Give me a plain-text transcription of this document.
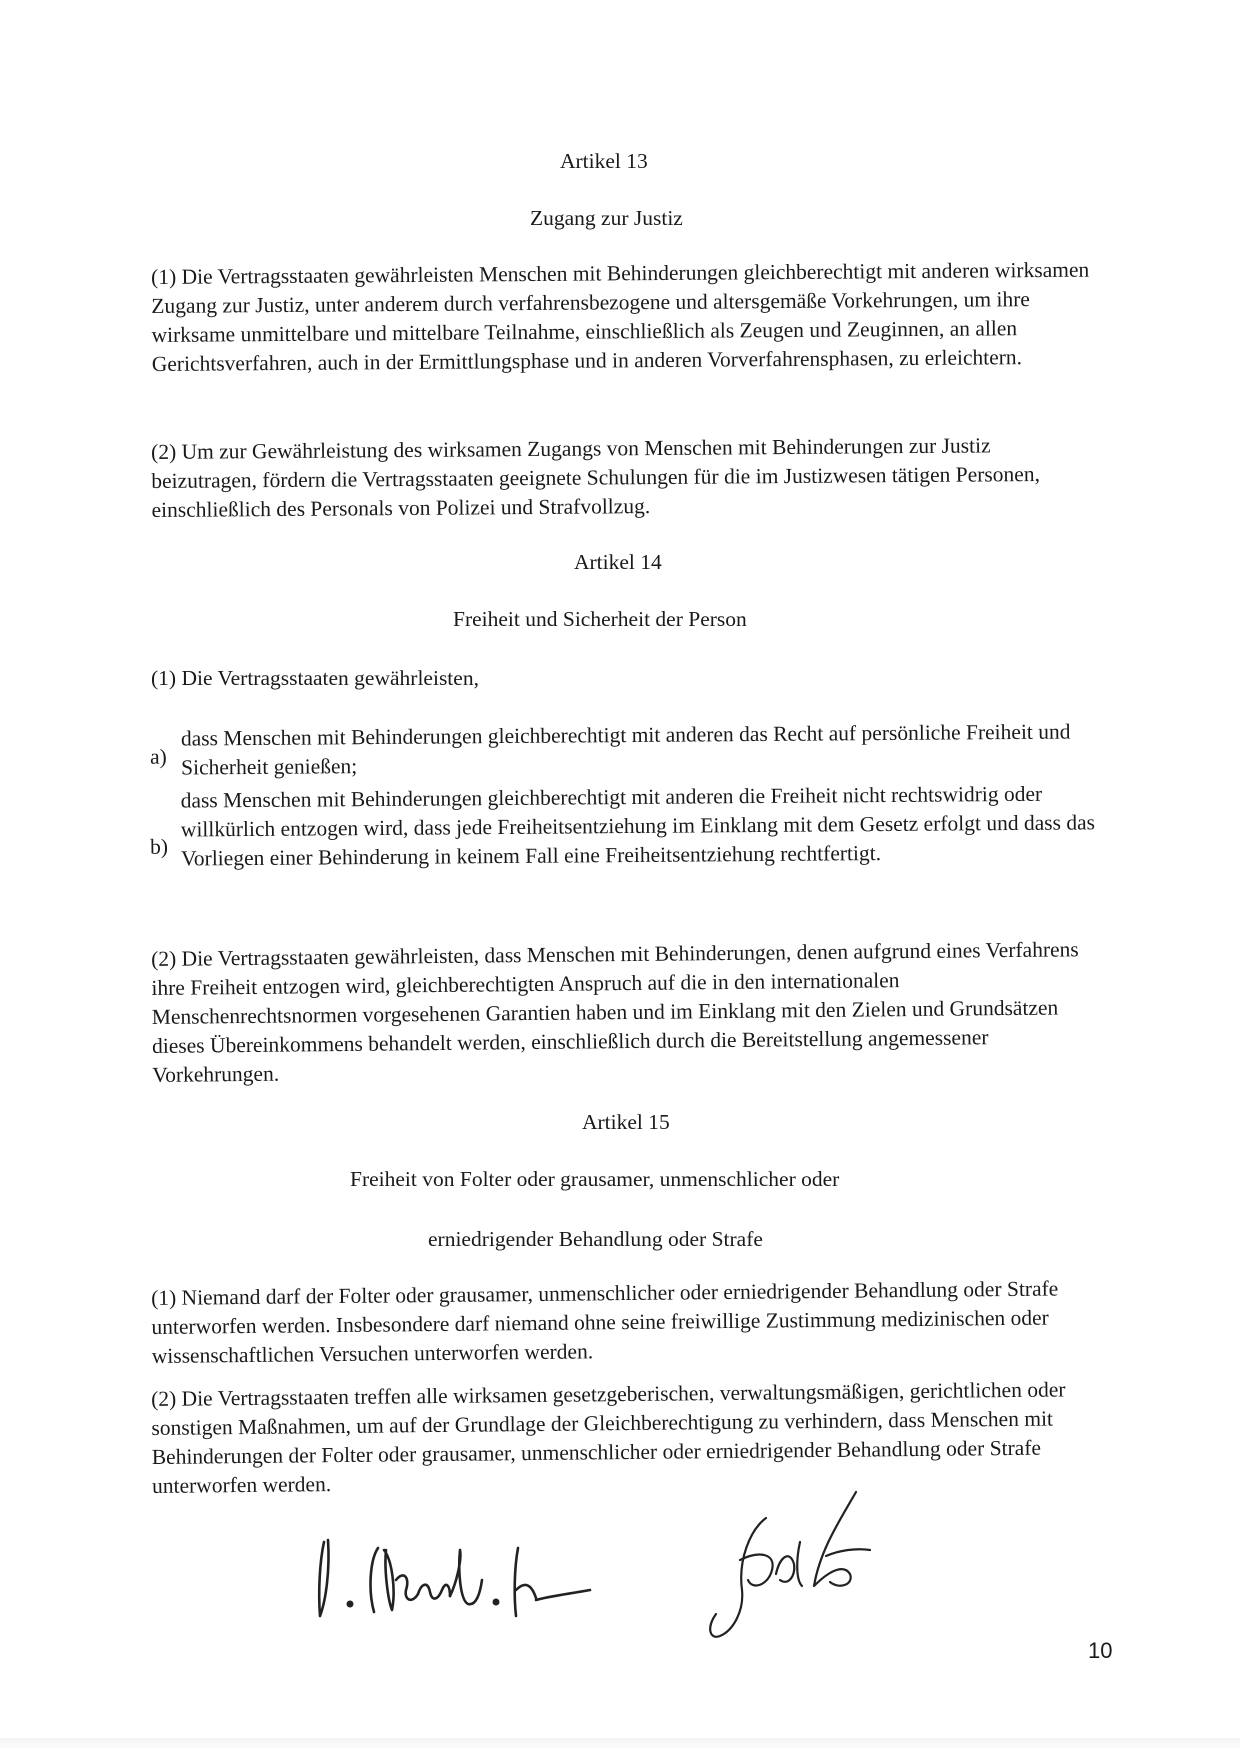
Artikel 13

Zugang zur Justiz

(1) Die Vertragsstaaten gewährleisten Menschen mit Behinderungen gleichberechtigt mit anderen wirksamen Zugang zur Justiz, unter anderem durch verfahrensbezogene und altersgemäße Vorkehrungen, um ihre wirksame unmittelbare und mittelbare Teilnahme, einschließlich als Zeugen und Zeuginnen, an allen Gerichtsverfahren, auch in der Ermittlungsphase und in anderen Vorverfahrensphasen, zu erleichtern.

(2) Um zur Gewährleistung des wirksamen Zugangs von Menschen mit Behinderungen zur Justiz beizutragen, fördern die Vertragsstaaten geeignete Schulungen für die im Justizwesen tätigen Personen, einschließlich des Personals von Polizei und Strafvollzug.

Artikel 14

Freiheit und Sicherheit der Person

(1) Die Vertragsstaaten gewährleisten,

a)

dass Menschen mit Behinderungen gleichberechtigt mit anderen das Recht auf persönliche Freiheit und Sicherheit genießen;

b)

dass Menschen mit Behinderungen gleichberechtigt mit anderen die Freiheit nicht rechtswidrig oder willkürlich entzogen wird, dass jede Freiheitsentziehung im Einklang mit dem Gesetz erfolgt und dass das Vorliegen einer Behinderung in keinem Fall eine Freiheitsentziehung rechtfertigt.

(2) Die Vertragsstaaten gewährleisten, dass Menschen mit Behinderungen, denen aufgrund eines Verfahrens ihre Freiheit entzogen wird, gleichberechtigten Anspruch auf die in den internationalen Menschenrechtsnormen vorgesehenen Garantien haben und im Einklang mit den Zielen und Grundsätzen dieses Übereinkommens behandelt werden, einschließlich durch die Bereitstellung angemessener Vorkehrungen.

Artikel 15

Freiheit von Folter oder grausamer, unmenschlicher oder

erniedrigender Behandlung oder Strafe

(1) Niemand darf der Folter oder grausamer, unmenschlicher oder erniedrigender Behandlung oder Strafe unterworfen werden. Insbesondere darf niemand ohne seine freiwillige Zustimmung medizinischen oder wissenschaftlichen Versuchen unterworfen werden.

(2) Die Vertragsstaaten treffen alle wirksamen gesetzgeberischen, verwaltungsmäßigen, gerichtlichen oder sonstigen Maßnahmen, um auf der Grundlage der Gleichberechtigung zu verhindern, dass Menschen mit Behinderungen der Folter oder grausamer, unmenschlicher oder erniedrigender Behandlung oder Strafe unterworfen werden.

10
